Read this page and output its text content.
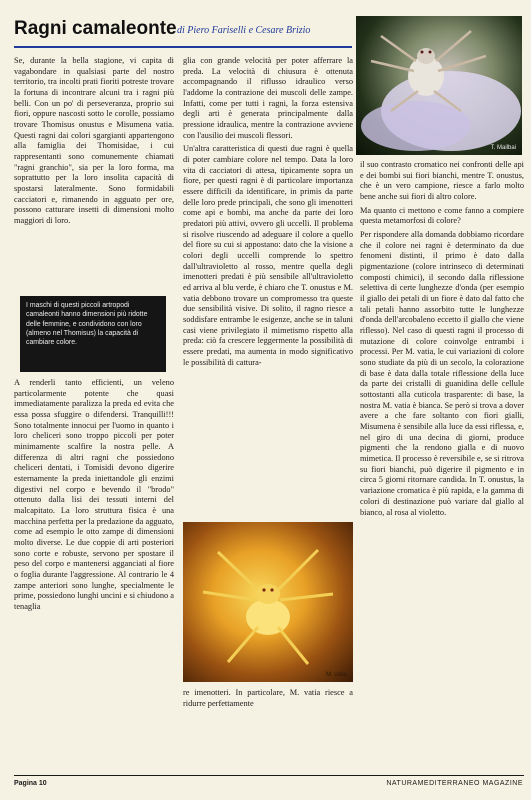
Ragni camaleonte di Piero Fariselli e Cesare Brizio
T. Mailbai
I maschi di questi piccoli artropodi camaleonti hanno dimensioni più ridotte delle femmine, e condividono con loro (almeno nel Thomisus) la capacità di cambiare colore.

Se, durante la bella stagione, vi capita di vagabondare in qualsiasi parte del nostro territorio, tra incolti prati fioriti potreste trovare la fortuna di incontrare alcuni tra i ragni più belli. Con un po' di perseveranza, proprio sui fiori, oppure nascosti sotto le corolle, possiamo trovare Thomisus onustus e Misumena vatia. Questi ragni dai colori sgargianti appartengono alla famiglia dei Thomisidae, i cui rappresentanti sono comunemente chiamati "ragni granchio", sia per la loro forma, ma soprattutto per la loro insolita capacità di spostarsi lateralmente. Sono formidabili cacciatori e, rimanendo in agguato per ore, possono catturare insetti di dimensioni molto maggiori di loro.

A renderli tanto efficienti, un veleno particolarmente potente che quasi immediatamente paralizza la preda ed evita che essa possa sfuggire o difendersi. Tranquilli!!! Sono totalmente innocui per l'uomo in quanto i loro cheliceri sono troppo piccoli per poter minimamente scalfire la nostra pelle. A differenza di altri ragni che possiedono cheliceri dentati, i Tomisidi devono digerire esternamente la preda iniettandole gli enzimi digestivi nel corpo e bevendo il "brodo" ottenuto dalla lisi dei tessuti interni del malcapitato. La loro struttura fisica è una macchina perfetta per la predazione da agguato, come ad esempio le otto zampe di dimensioni molto diverse. Le due coppie di arti posteriori sono corte e robuste, servono per spostare il peso del corpo e mantenersi agganciati al fiore o foglia durante l'aggressione. Al contrario le 4 zampe anteriori sono lunghe, specialmente le prime, possiedono lunghi uncini e si chiudono a tenaglia

glia con grande velocità per poter afferrare la preda. La velocità di chiusura è ottenuta accompagnando il riflusso idraulico verso l'addome la contrazione dei muscoli delle zampe. Infatti, come per tutti i ragni, la forza estensiva degli arti è generata principalmente dalla pressione idraulica, mentre la contrazione avviene con l'ausilio dei muscoli flessori.

Un'altra caratteristica di questi due ragni è quella di poter cambiare colore nel tempo. Data la loro vita di cacciatori di attesa, tipicamente sopra un fiore, per questi ragni è di particolare importanza essere difficili da identificare, in primis da parte delle loro prede principali, che sono gli imenotteri come api e bombi, ma anche da parte dei loro predatori più attivi, ovvero gli uccelli. Il problema si risolve riuscendo ad adeguare il colore a quello del fiore su cui si appostano: dato che la visione a colori degli uccelli comprende lo spettro dall'ultravioletto al rosso, mentre quella degli imenotteri predati è più sensibile all'ultravioletto ed arriva al blu verde, è chiaro che T. onustus e M. vatia debbono trovare un compromesso tra queste due sensibilità visive. Di solito, il ragno riesce a soddisfare entrambe le esigenze, anche se in taluni casi viene privilegiato il mimetismo rispetto alla preda: ciò fa crescere leggermente la possibilità di essere predati, ma aumenta in modo significativo le possibilità di cattura-

M. vatia

re imenotteri. In particolare, M. vatia riesce a ridurre perfettamente

il suo contrasto cromatico nei confronti delle api e dei bombi sui fiori bianchi, mentre T. onustus, che è un vero campione, riesce a farlo molto bene anche sui fiori di altro colore.

Ma quanto ci mettono e come fanno a compiere questa metamorfosi di colore?

Per rispondere alla domanda dobbiamo ricordare che il colore nei ragni è determinato da due fenomeni distinti, il primo è dato dalla pigmentazione (colore intrinseco di determinati composti chimici), il secondo dalla riflessione selettiva di certe lunghezze d'onda (per esempio il giallo dei petali di un fiore è dato dal fatto che tali petali hanno assorbito tutte le lunghezze d'onda dell'arcobaleno eccetto il giallo che viene riflesso). Nel caso di questi ragni il processo di mutazione di colore coinvolge entrambi i processi. Per M. vatia, le cui variazioni di colore sono studiate da più di un secolo, la colorazione di base è data dalla totale riflessione della luce da parte dei cristalli di guanidina delle cellule sottostanti alla cuticola trasparente: di base, la nostra M. vatia è bianca. Se però si trova a dover avere a che fare soltanto con fiori gialli, Misumena è sensibile alla luce da essi riflessa, e, nel giro di una decina di giorni, produce pigmenti che la rendono gialla e di nuovo mimetica. Il processo è reversibile e, se si ritrova su fiori bianchi, può digerire il pigmento e in circa 5 giorni ritornare candida. In T. onustus, la variazione cromatica è più rapida, e la gamma di colori di destinazione può variare dal giallo al bianco, al rosa al violetto.

Pagina 10	NATURAMEDITERRANEO MAGAZINE
